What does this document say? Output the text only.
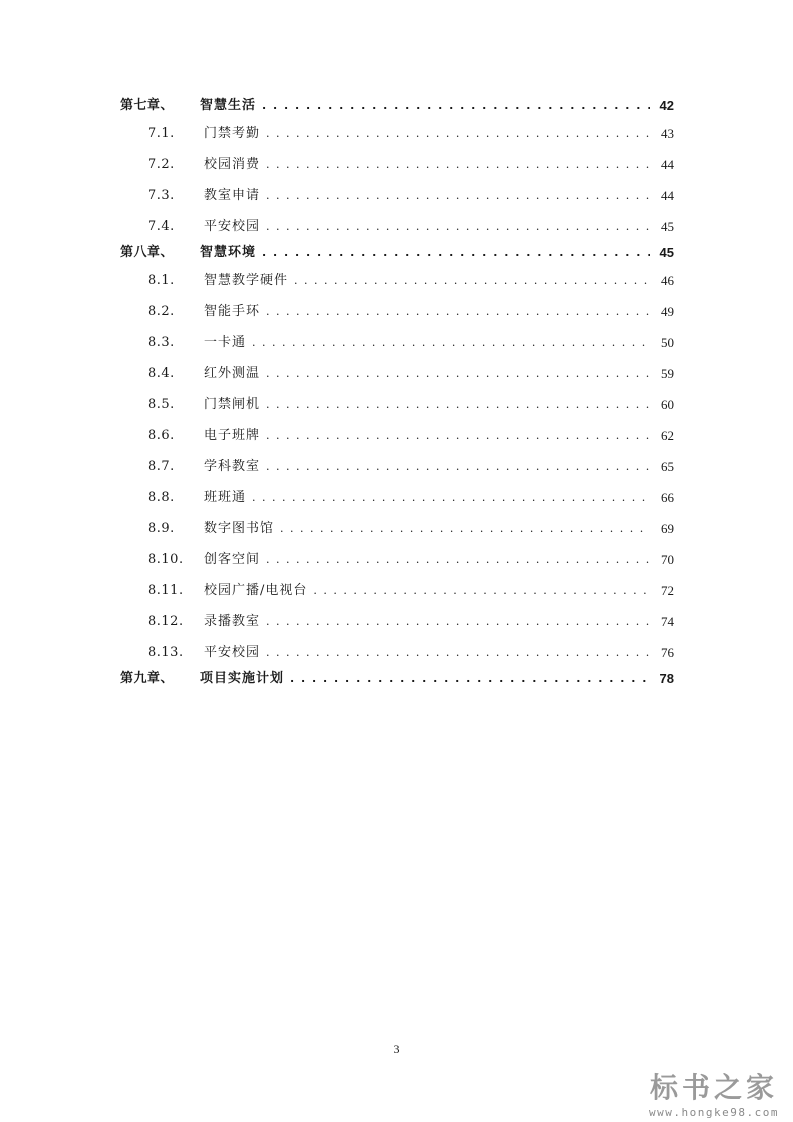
第七章、	智慧生活 . . .	42
7.1.	门禁考勤 . . .	43
7.2.	校园消费 . . .	44
7.3.	教室申请 . . .	44
7.4.	平安校园 . . .	45
第八章、	智慧环境 . . .	45
8.1.	智慧教学硬件 . . .	46
8.2.	智能手环 . . .	49
8.3.	一卡通 . . .	50
8.4.	红外测温 . . .	59
8.5.	门禁闸机 . . .	60
8.6.	电子班牌 . . .	62
8.7.	学科教室 . . .	65
8.8.	班班通 . . .	66
8.9.	数字图书馆 . . .	69
8.10.	创客空间 . . .	70
8.11.	校园广播/电视台 . . .	72
8.12.	录播教室 . . .	74
8.13.	平安校园 . . .	76
第九章、	项目实施计划 . . .	78
3
标书之家
www.hongke98.com
